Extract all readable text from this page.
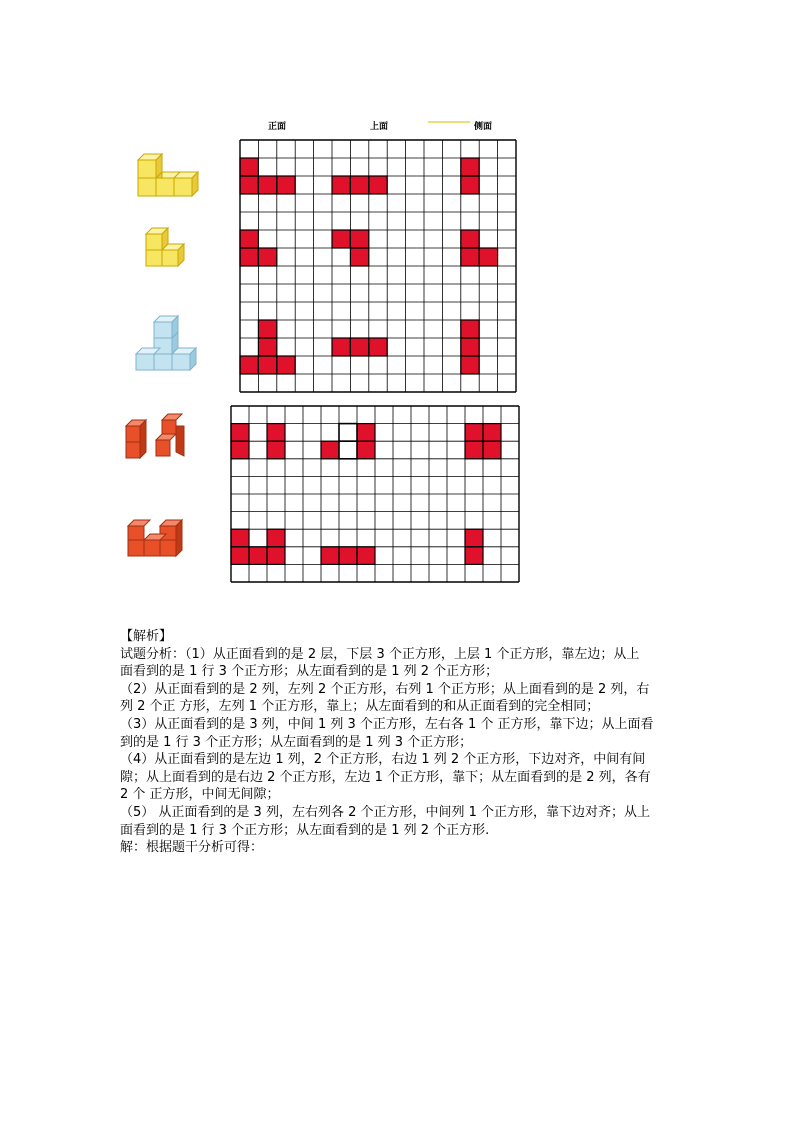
正面	上面	侧面

【解析】

试题分析：（1）从正面看到的是 2 层，下层 3 个正方形，上层 1 个正方形，靠左边；从上

面看到的是 1 行 3 个正方形；从左面看到的是 1 列 2 个正方形；

（2）从正面看到的是 2 列，左列 2 个正方形，右列 1 个正方形；从上面看到的是 2 列，右

列 2 个正 方形，左列 1 个正方形，靠上；从左面看到的和从正面看到的完全相同；

（3）从正面看到的是 3 列，中间 1 列 3 个正方形，左右各 1 个 正方形，靠下边；从上面看

到的是 1 行 3 个正方形；从左面看到的是 1 列 3 个正方形；

（4）从正面看到的是左边 1 列，2 个正方形，右边 1 列 2 个正方形，下边对齐，中间有间

隙；从上面看到的是右边 2 个正方形，左边 1 个正方形，靠下；从左面看到的是 2 列，各有

2 个 正方形，中间无间隙；

（5） 从正面看到的是 3 列，左右列各 2 个正方形，中间列 1 个正方形，靠下边对齐；从上

面看到的是 1 行 3 个正方形；从左面看到的是 1 列 2 个正方形.

解：根据题干分析可得：
